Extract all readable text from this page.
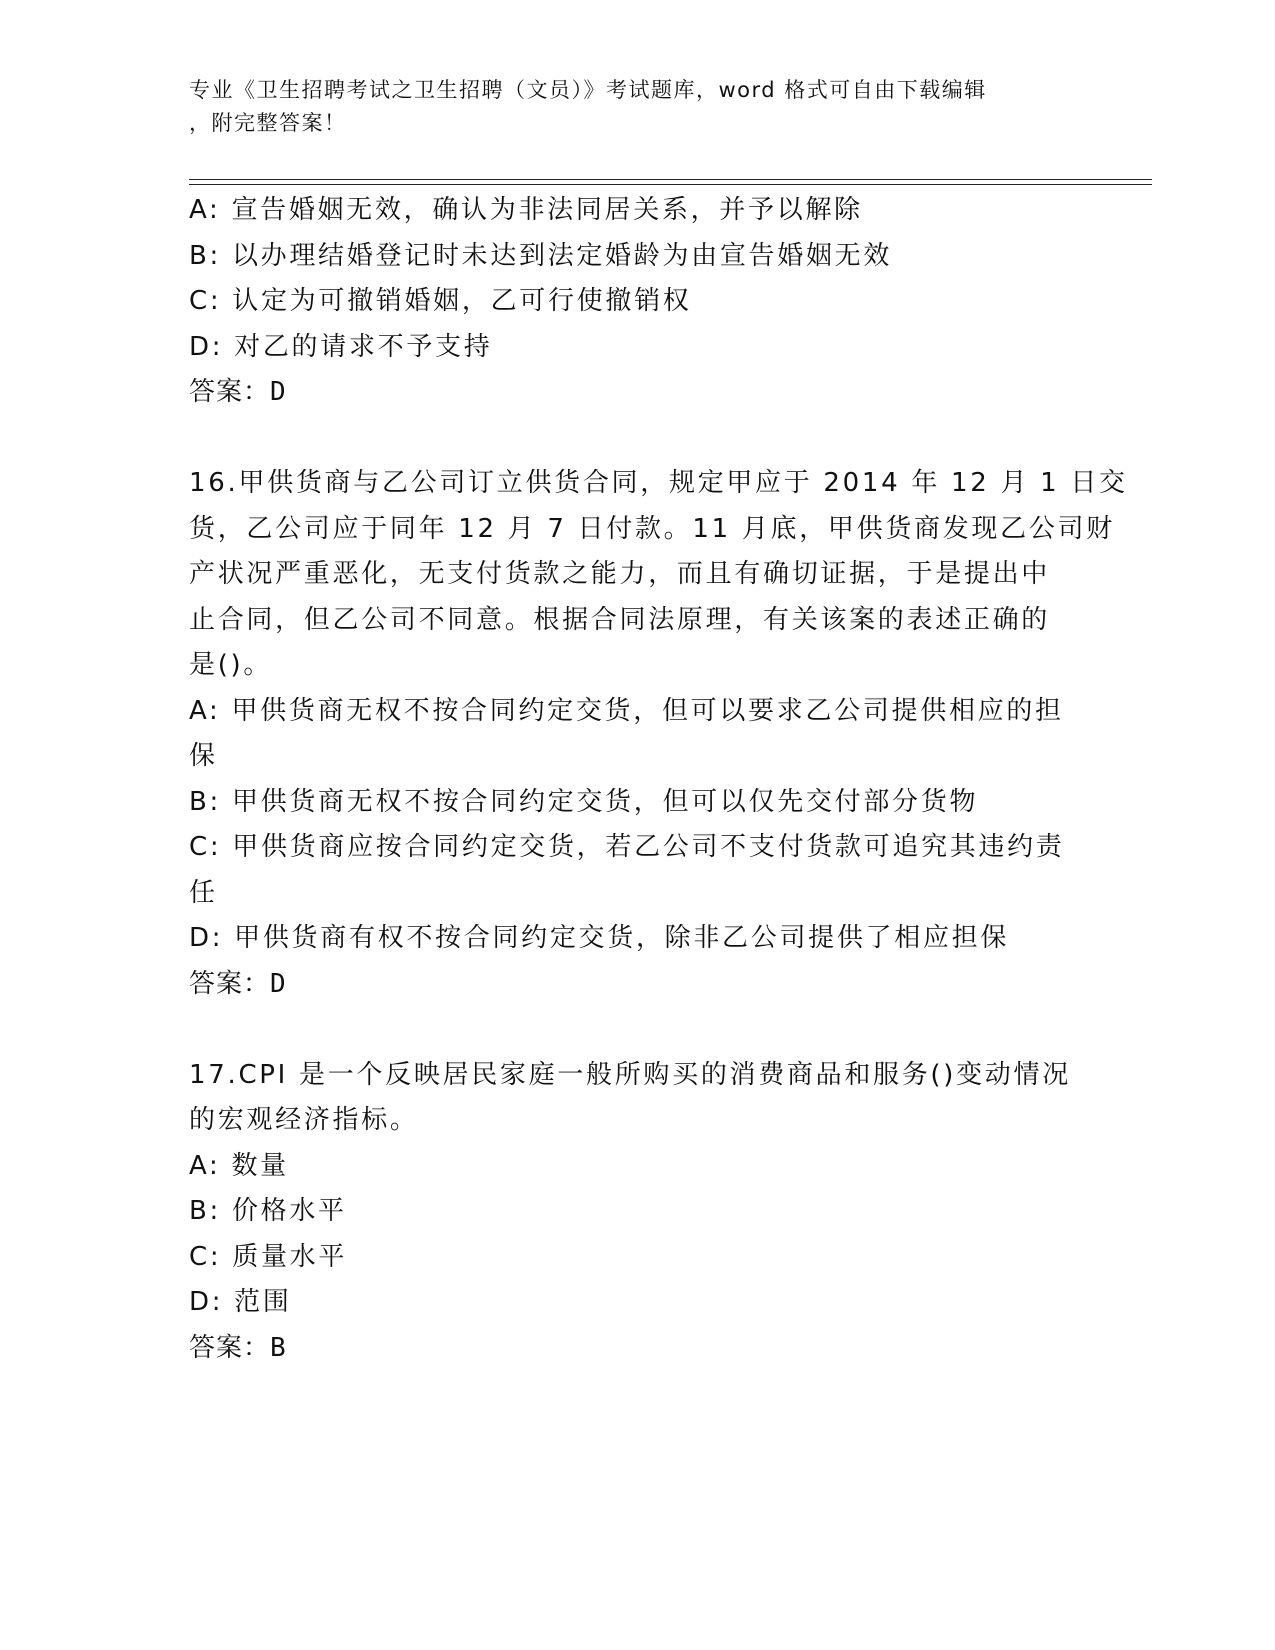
专业《卫生招聘考试之卫生招聘（文员）》考试题库，word 格式可自由下载编辑
，附完整答案！
A: 宣告婚姻无效，确认为非法同居关系，并予以解除
B: 以办理结婚登记时未达到法定婚龄为由宣告婚姻无效
C: 认定为可撤销婚姻，乙可行使撤销权
D: 对乙的请求不予支持
答案：D
16.甲供货商与乙公司订立供货合同，规定甲应于 2014 年 12 月 1 日交
货，乙公司应于同年 12 月 7 日付款。11 月底，甲供货商发现乙公司财
产状况严重恶化，无支付货款之能力，而且有确切证据，于是提出中
止合同，但乙公司不同意。根据合同法原理，有关该案的表述正确的
是()。
A: 甲供货商无权不按合同约定交货，但可以要求乙公司提供相应的担
保
B: 甲供货商无权不按合同约定交货，但可以仅先交付部分货物
C: 甲供货商应按合同约定交货，若乙公司不支付货款可追究其违约责
任
D: 甲供货商有权不按合同约定交货，除非乙公司提供了相应担保
答案：D
17.CPI 是一个反映居民家庭一般所购买的消费商品和服务()变动情况
的宏观经济指标。
A: 数量
B: 价格水平
C: 质量水平
D: 范围
答案：B
